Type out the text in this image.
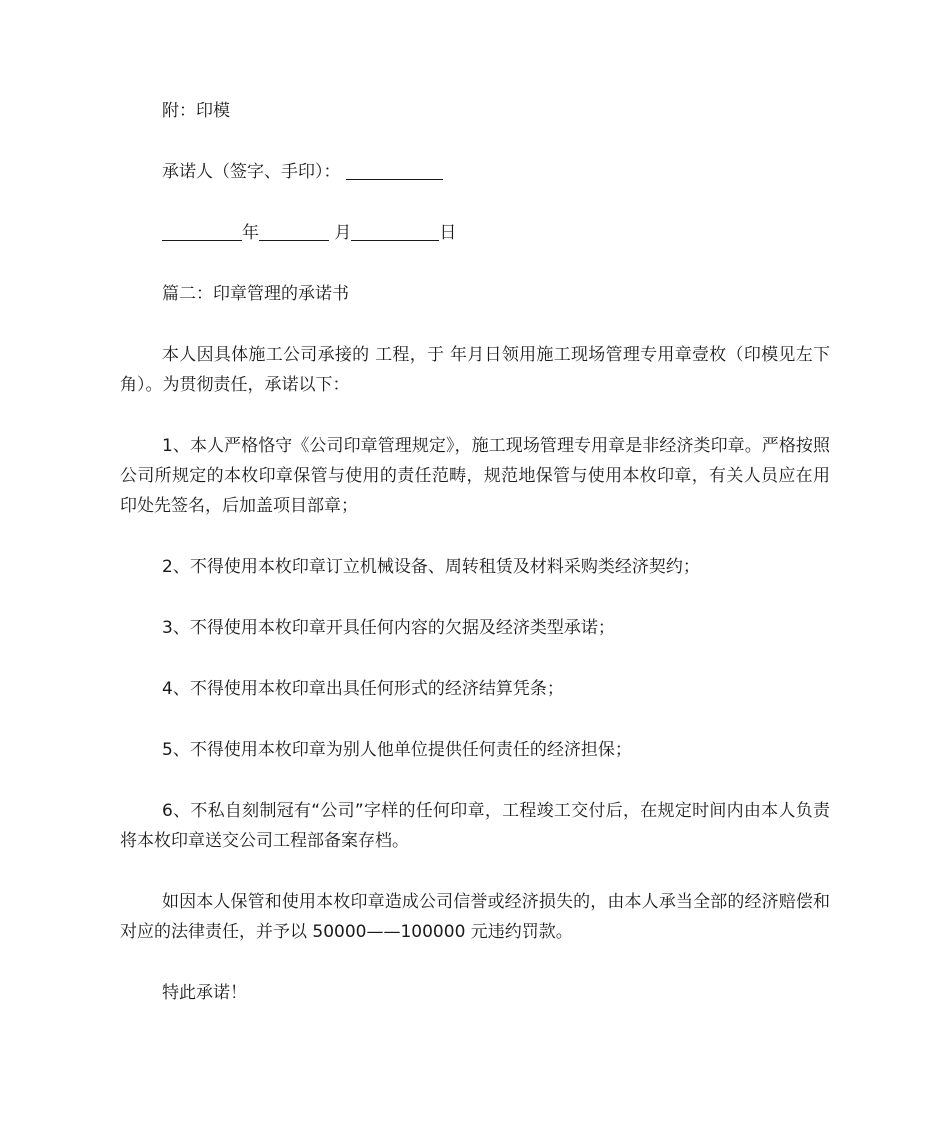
附：印模

承诺人（签字、手印）：

年	月	日

篇二：印章管理的承诺书

本人因具体施工公司承接的 工程，于 年月日领用施工现场管理专用章壹枚（印模见左下角）。为贯彻责任，承诺以下：

1、本人严格恪守《公司印章管理规定》，施工现场管理专用章是非经济类印章。严格按照公司所规定的本枚印章保管与使用的责任范畴，规范地保管与使用本枚印章，有关人员应在用印处先签名，后加盖项目部章；

2、不得使用本枚印章订立机械设备、周转租赁及材料采购类经济契约；

3、不得使用本枚印章开具任何内容的欠据及经济类型承诺；

4、不得使用本枚印章出具任何形式的经济结算凭条；

5、不得使用本枚印章为别人他单位提供任何责任的经济担保；

6、不私自刻制冠有“公司”字样的任何印章，工程竣工交付后，在规定时间内由本人负责将本枚印章送交公司工程部备案存档。

如因本人保管和使用本枚印章造成公司信誉或经济损失的，由本人承当全部的经济赔偿和对应的法律责任，并予以 50000——100000 元违约罚款。

特此承诺！
